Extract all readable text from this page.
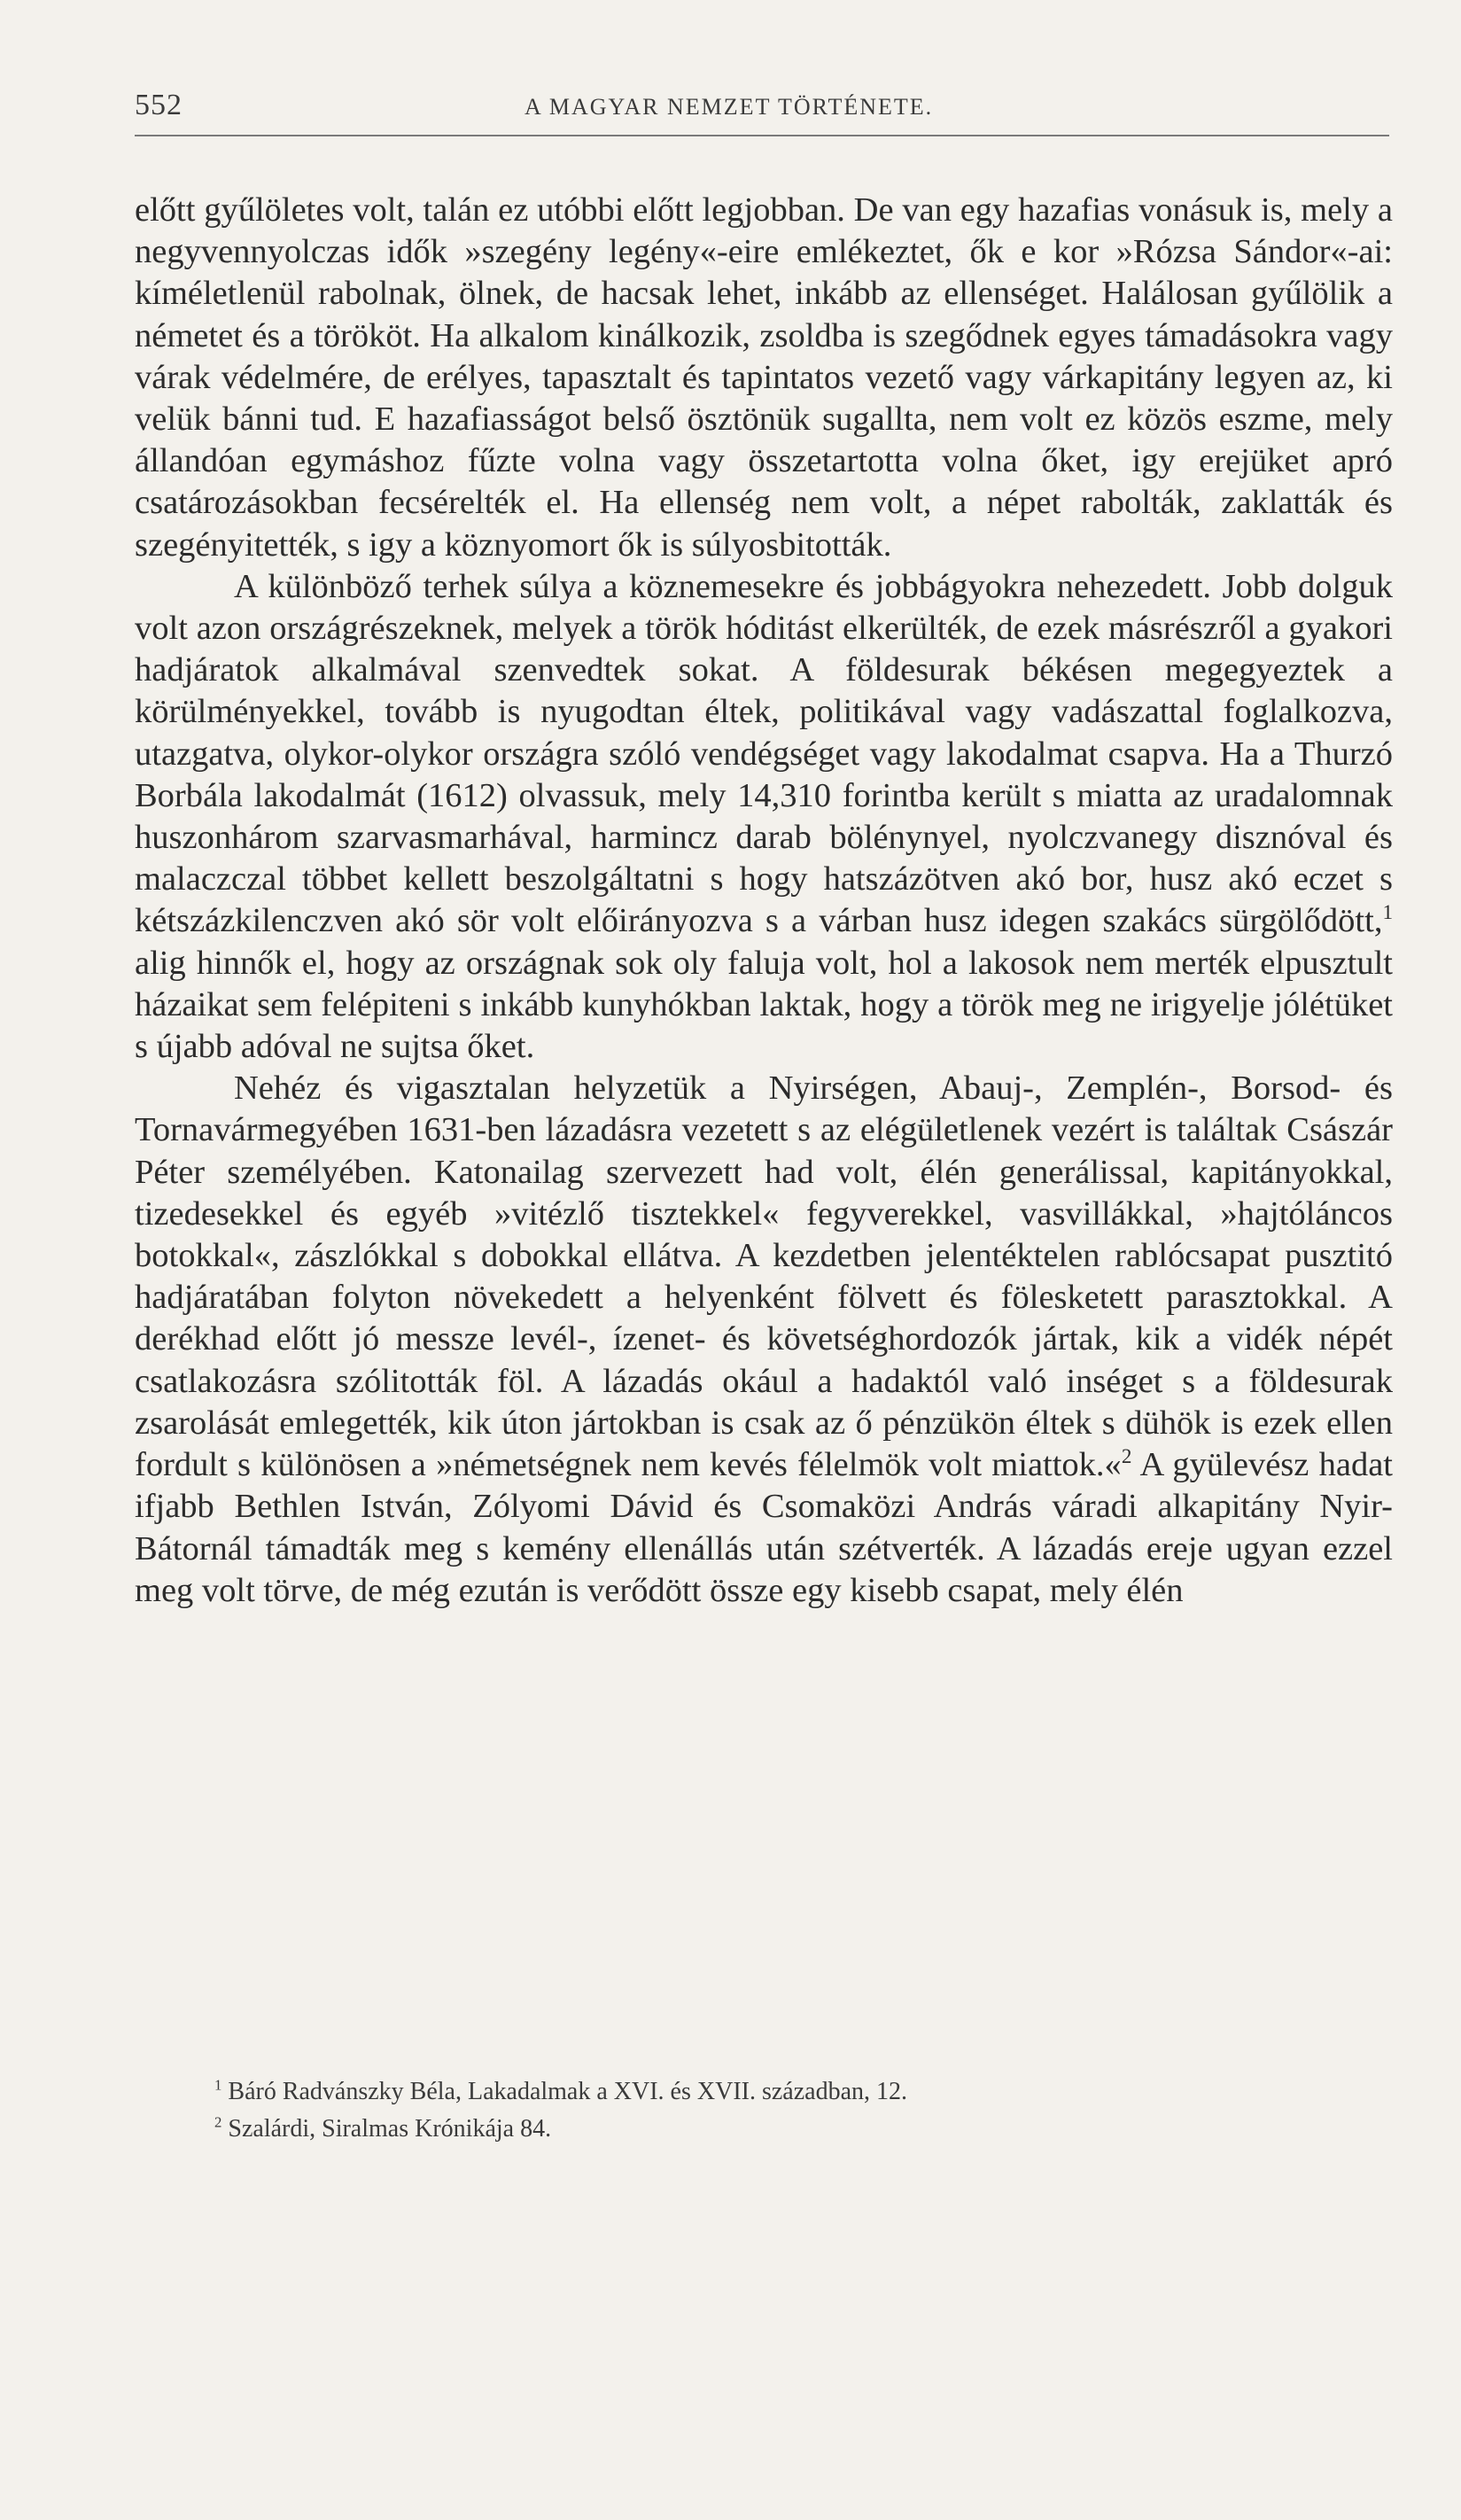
552	A MAGYAR NEMZET TÖRTÉNETE.

előtt gyűlöletes volt, talán ez utóbbi előtt legjobban. De van egy hazafias vonásuk is, mely a negyvennyolczas idők »szegény legény«-eire emlékeztet, ők e kor »Rózsa Sándor«-ai: kíméletlenül rabolnak, ölnek, de hacsak lehet, inkább az ellenséget. Halálosan gyűlölik a németet és a törököt. Ha alkalom kinálkozik, zsoldba is szegődnek egyes támadásokra vagy várak védelmére, de erélyes, tapasztalt és tapintatos vezető vagy várkapitány legyen az, ki velük bánni tud. E hazafiasságot belső ösztönük sugallta, nem volt ez közös eszme, mely állandóan egymáshoz fűzte volna vagy összetartotta volna őket, igy erejüket apró csatározásokban fecsérelték el. Ha ellenség nem volt, a népet rabolták, zaklatták és szegényitették, s igy a köznyomort ők is súlyosbitották.

A különböző terhek súlya a köznemesekre és jobbágyokra nehezedett. Jobb dolguk volt azon országrészeknek, melyek a török hóditást elkerülték, de ezek másrészről a gyakori hadjáratok alkalmával szenvedtek sokat. A földesurak békésen megegyeztek a körülményekkel, tovább is nyugodtan éltek, politikával vagy vadászattal foglalkozva, utazgatva, olykor-olykor országra szóló vendégséget vagy lakodalmat csapva. Ha a Thurzó Borbála lakodalmát (1612) olvassuk, mely 14,310 forintba került s miatta az uradalomnak huszonhárom szarvasmarhával, harmincz darab bölénynyel, nyolczvanegy disznóval és malaczczal többet kellett beszolgáltatni s hogy hatszázötven akó bor, husz akó eczet s kétszázkilenczven akó sör volt előirányozva s a várban husz idegen szakács sürgölődött,$^1$ alig hinnők el, hogy az országnak sok oly faluja volt, hol a lakosok nem merték elpusztult házaikat sem felépiteni s inkább kunyhókban laktak, hogy a török meg ne irigyelje jólétüket s újabb adóval ne sujtsa őket.

Nehéz és vigasztalan helyzetük a Nyirségen, Abauj-, Zemplén-, Borsod- és Tornavármegyében 1631-ben lázadásra vezetett s az elégületlenek vezért is találtak Császár Péter személyében. Katonailag szervezett had volt, élén generálissal, kapitányokkal, tizedesekkel és egyéb »vitézlő tisztekkel« fegyverekkel, vasvillákkal, »hajtóláncos botokkal«, zászlókkal s dobokkal ellátva. A kezdetben jelentéktelen rablócsapat pusztitó hadjáratában folyton növekedett a helyenként fölvett és fölesketett parasztokkal. A derékhad előtt jó messze levél-, ízenet- és követséghordozók jártak, kik a vidék népét csatlakozásra szólitották föl. A lázadás okául a hadaktól való inséget s a földesurak zsarolását emlegették, kik úton jártokban is csak az ő pénzükön éltek s dühök is ezek ellen fordult s különösen a »németségnek nem kevés félelmök volt miattok.«$^2$ A gyülevész hadat ifjabb Bethlen István, Zólyomi Dávid és Csomaközi András váradi alkapitány Nyir-Bátornál támadták meg s kemény ellenállás után szétverték. A lázadás ereje ugyan ezzel meg volt törve, de még ezután is verődött össze egy kisebb csapat, mely élén

$^1$ Báró Radvánszky Béla, Lakadalmak a XVI. és XVII. században, 12.
$^2$ Szalárdi, Siralmas Krónikája 84.
